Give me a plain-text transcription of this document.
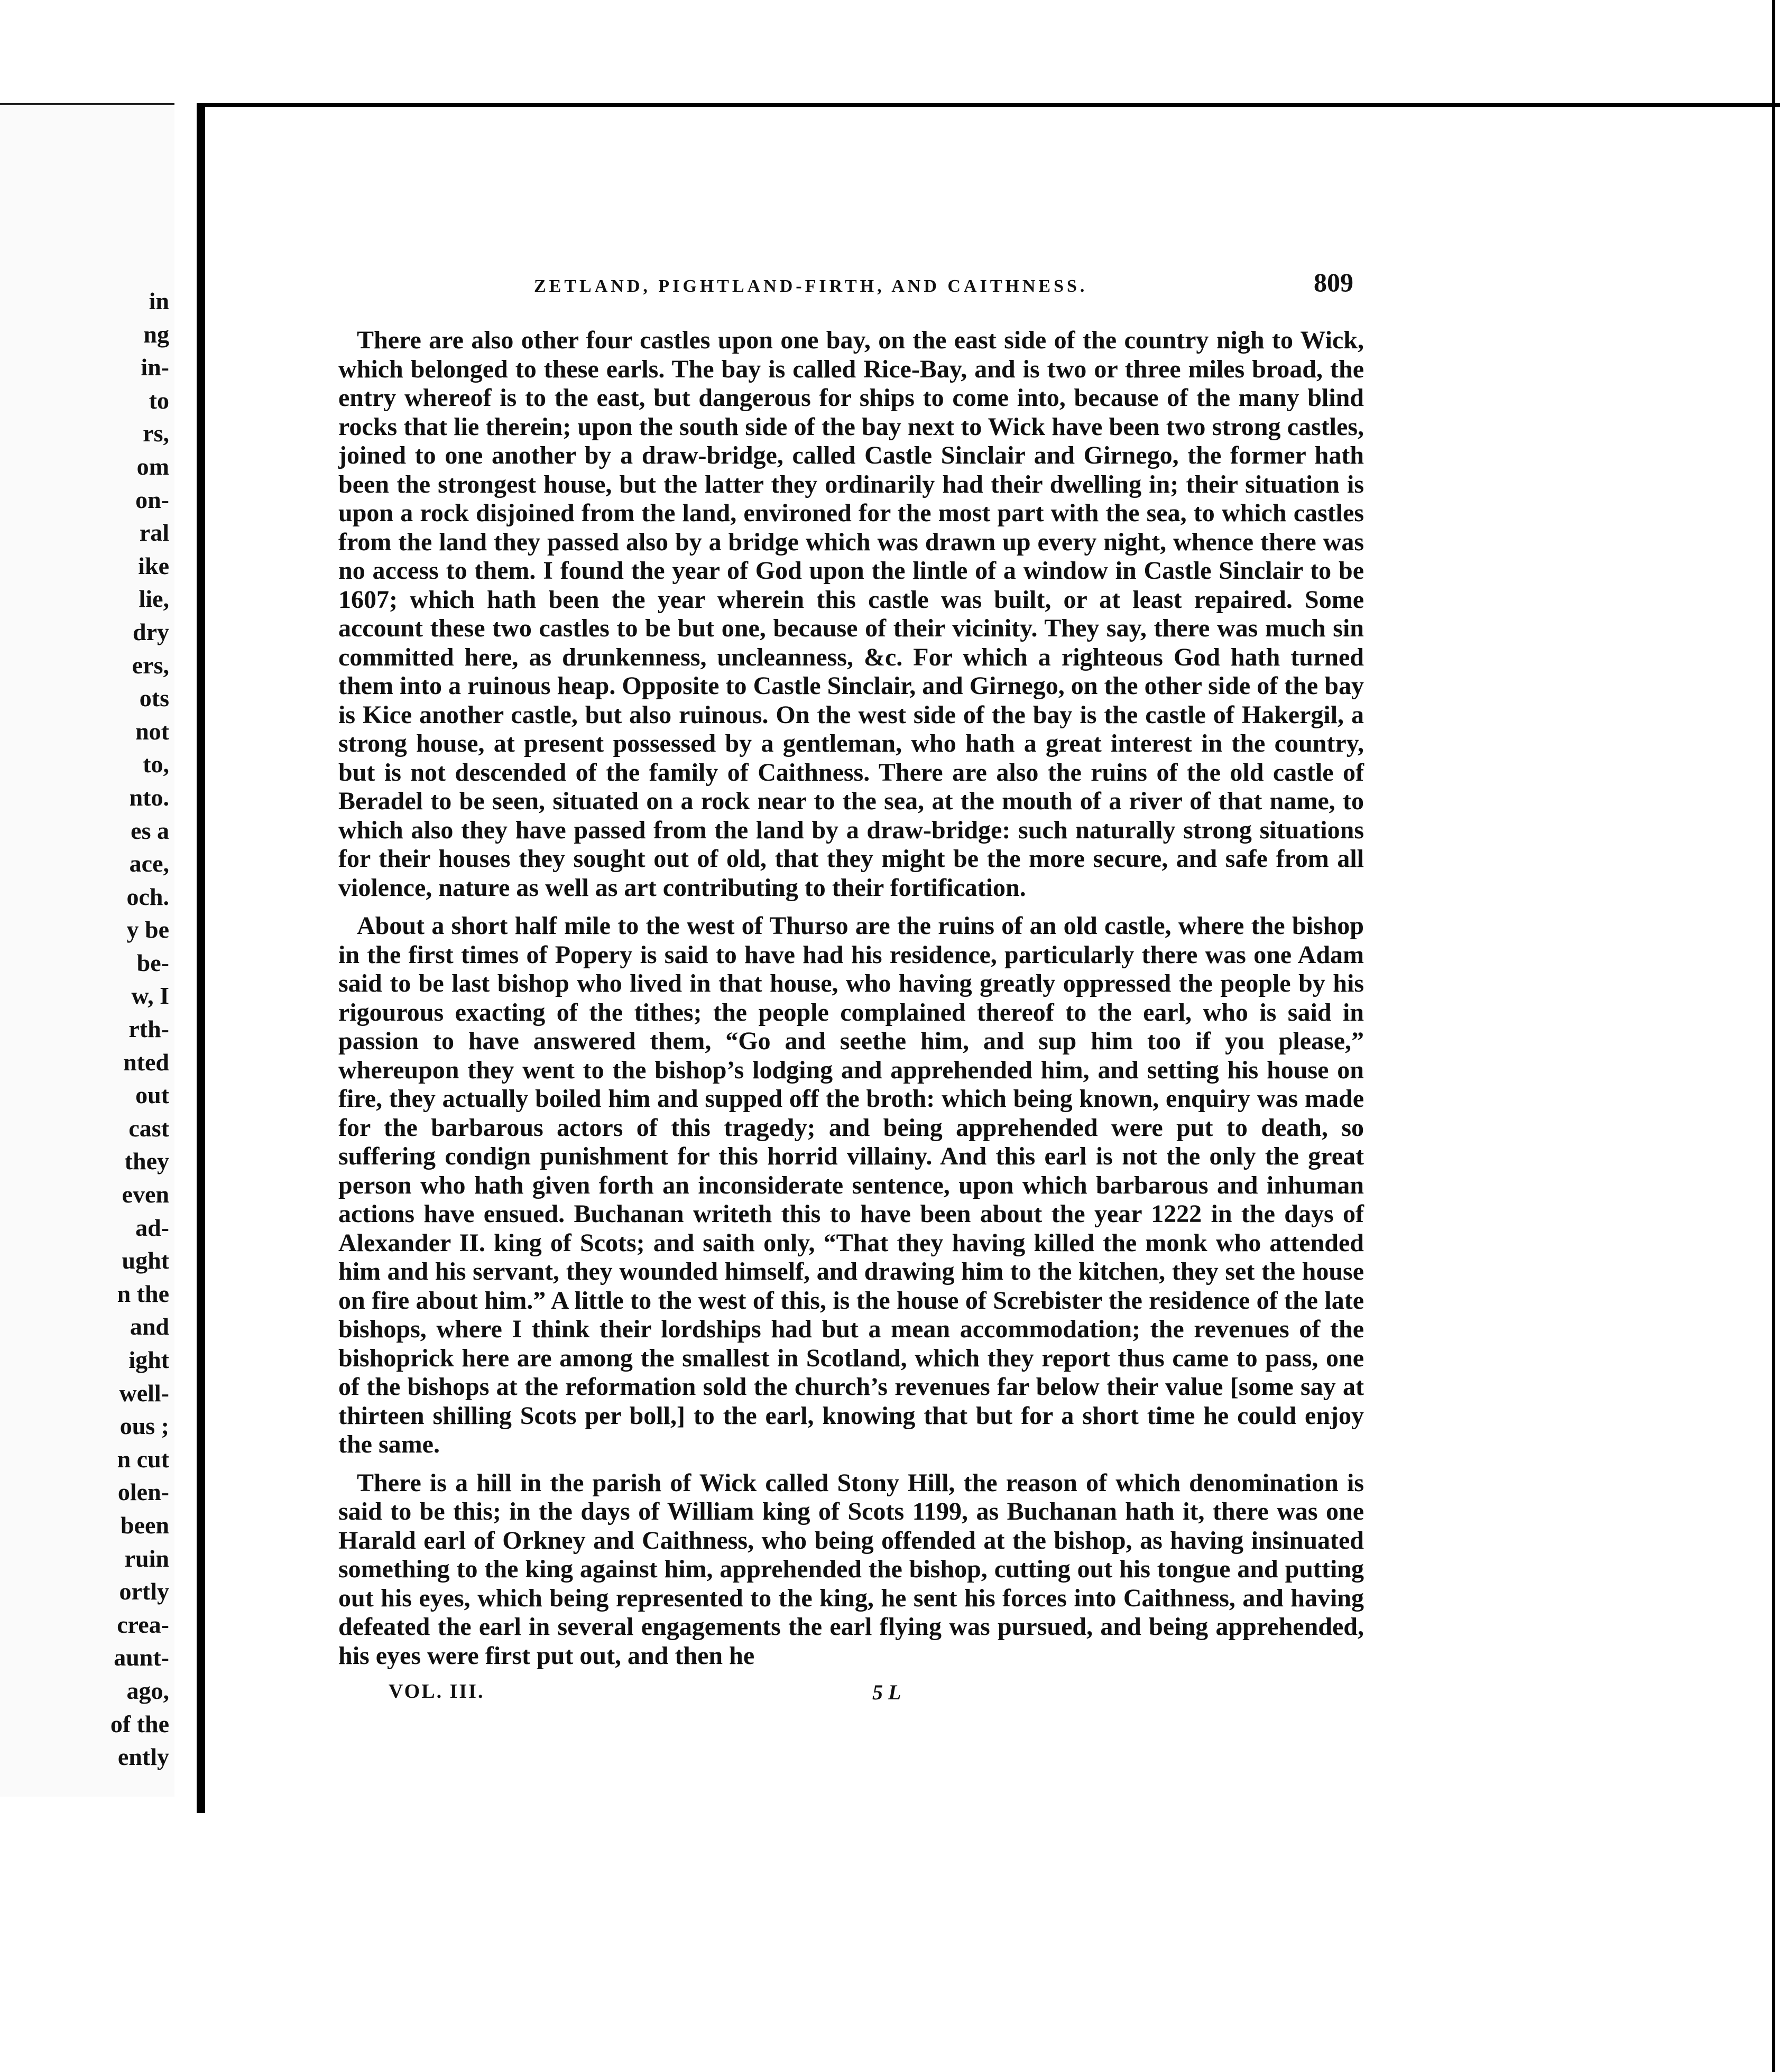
in
ng
in-
to
rs,
om
on-
ral
ike
lie,
dry
ers,
ots
not
to,
nto.
es a
ace,
och.
y be
be-
w, I
rth-
nted
out
cast
they
even
ad-
ught
n the
and
ight
well-
ous ;
n cut
olen-
been
ruin
ortly
crea-
aunt-
ago,
of the
ently
ZETLAND, PIGHTLAND-FIRTH, AND CAITHNESS.	809

There are also other four castles upon one bay, on the east side of the country nigh to Wick, which belonged to these earls. The bay is called Rice-Bay, and is two or three miles broad, the entry whereof is to the east, but dangerous for ships to come into, because of the many blind rocks that lie therein; upon the south side of the bay next to Wick have been two strong castles, joined to one another by a draw-bridge, called Castle Sinclair and Girnego, the former hath been the strongest house, but the latter they ordinarily had their dwelling in; their situation is upon a rock disjoined from the land, environed for the most part with the sea, to which castles from the land they passed also by a bridge which was drawn up every night, whence there was no access to them. I found the year of God upon the lintle of a window in Castle Sinclair to be 1607; which hath been the year wherein this castle was built, or at least repaired. Some account these two castles to be but one, because of their vicinity. They say, there was much sin committed here, as drunkenness, uncleanness, &c. For which a righteous God hath turned them into a ruinous heap. Opposite to Castle Sinclair, and Girnego, on the other side of the bay is Kice another castle, but also ruinous. On the west side of the bay is the castle of Hakergil, a strong house, at present possessed by a gentleman, who hath a great interest in the country, but is not descended of the family of Caithness. There are also the ruins of the old castle of Beradel to be seen, situated on a rock near to the sea, at the mouth of a river of that name, to which also they have passed from the land by a draw-bridge: such naturally strong situations for their houses they sought out of old, that they might be the more secure, and safe from all violence, nature as well as art contributing to their fortification.

About a short half mile to the west of Thurso are the ruins of an old castle, where the bishop in the first times of Popery is said to have had his residence, particularly there was one Adam said to be last bishop who lived in that house, who having greatly oppressed the people by his rigourous exacting of the tithes; the people complained thereof to the earl, who is said in passion to have answered them, “Go and seethe him, and sup him too if you please,” whereupon they went to the bishop’s lodging and apprehended him, and setting his house on fire, they actually boiled him and supped off the broth: which being known, enquiry was made for the barbarous actors of this tragedy; and being apprehended were put to death, so suffering condign punishment for this horrid villainy. And this earl is not the only the great person who hath given forth an inconsiderate sentence, upon which barbarous and inhuman actions have ensued. Buchanan writeth this to have been about the year 1222 in the days of Alexander II. king of Scots; and saith only, “That they having killed the monk who attended him and his servant, they wounded himself, and drawing him to the kitchen, they set the house on fire about him.” A little to the west of this, is the house of Screbister the residence of the late bishops, where I think their lordships had but a mean accommodation; the revenues of the bishoprick here are among the smallest in Scotland, which they report thus came to pass, one of the bishops at the reformation sold the church’s revenues far below their value [some say at thirteen shilling Scots per boll,] to the earl, knowing that but for a short time he could enjoy the same.

There is a hill in the parish of Wick called Stony Hill, the reason of which denomination is said to be this; in the days of William king of Scots 1199, as Buchanan hath it, there was one Harald earl of Orkney and Caithness, who being offended at the bishop, as having insinuated something to the king against him, apprehended the bishop, cutting out his tongue and putting out his eyes, which being represented to the king, he sent his forces into Caithness, and having defeated the earl in several engagements the earl flying was pursued, and being apprehended, his eyes were first put out, and then he

VOL. III.	5 L
